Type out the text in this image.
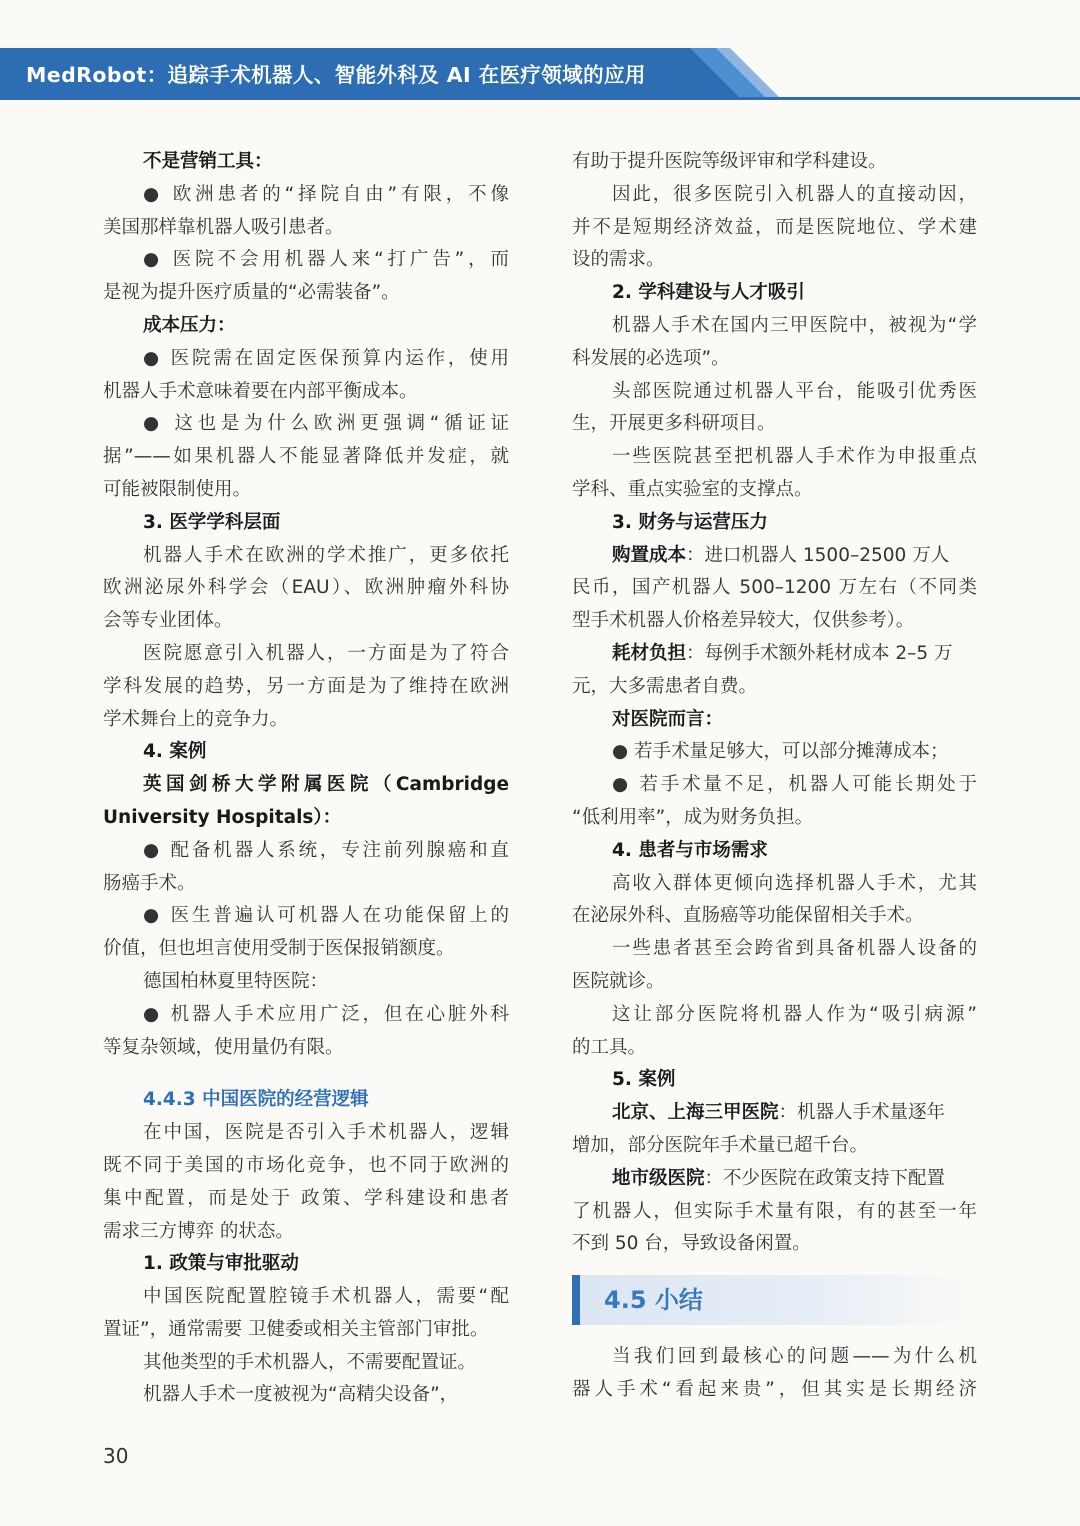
MedRobot：追踪手术机器人、智能外科及 AI 在医疗领域的应用
不是营销工具：
● 欧洲患者的“择院自由”有限，不像
美国那样靠机器人吸引患者。
● 医院不会用机器人来“打广告”，而
是视为提升医疗质量的“必需装备”。
成本压力：
● 医院需在固定医保预算内运作，使用
机器人手术意味着要在内部平衡成本。
● 这也是为什么欧洲更强调“循证证
据”——如果机器人不能显著降低并发症，就
可能被限制使用。
3. 医学学科层面
机器人手术在欧洲的学术推广，更多依托
欧洲泌尿外科学会（EAU）、欧洲肿瘤外科协
会等专业团体。
医院愿意引入机器人，一方面是为了符合
学科发展的趋势，另一方面是为了维持在欧洲
学术舞台上的竞争力。
4. 案例
英国剑桥大学附属医院（Cambridge
University Hospitals）：
● 配备机器人系统，专注前列腺癌和直
肠癌手术。
● 医生普遍认可机器人在功能保留上的
价值，但也坦言使用受制于医保报销额度。
德国柏林夏里特医院：
● 机器人手术应用广泛，但在心脏外科
等复杂领域，使用量仍有限。
4.4.3 中国医院的经营逻辑
在中国，医院是否引入手术机器人，逻辑
既不同于美国的市场化竞争，也不同于欧洲的
集中配置，而是处于 政策、学科建设和患者
需求三方博弈 的状态。
1. 政策与审批驱动
中国医院配置腔镜手术机器人，需要“配
置证”，通常需要 卫健委或相关主管部门审批。
其他类型的手术机器人，不需要配置证。
机器人手术一度被视为“高精尖设备”，
有助于提升医院等级评审和学科建设。
因此，很多医院引入机器人的直接动因，
并不是短期经济效益，而是医院地位、学术建
设的需求。
2. 学科建设与人才吸引
机器人手术在国内三甲医院中，被视为“学
科发展的必选项”。
头部医院通过机器人平台，能吸引优秀医
生，开展更多科研项目。
一些医院甚至把机器人手术作为申报重点
学科、重点实验室的支撑点。
3. 财务与运营压力
购置成本：进口机器人 1500–2500 万人
民币，国产机器人 500–1200 万左右（不同类
型手术机器人价格差异较大，仅供参考）。
耗材负担：每例手术额外耗材成本 2–5 万
元，大多需患者自费。
对医院而言：
● 若手术量足够大，可以部分摊薄成本；
● 若手术量不足，机器人可能长期处于
“低利用率”，成为财务负担。
4. 患者与市场需求
高收入群体更倾向选择机器人手术，尤其
在泌尿外科、直肠癌等功能保留相关手术。
一些患者甚至会跨省到具备机器人设备的
医院就诊。
这让部分医院将机器人作为“吸引病源”
的工具。
5. 案例
北京、上海三甲医院：机器人手术量逐年
增加，部分医院年手术量已超千台。
地市级医院：不少医院在政策支持下配置
了机器人，但实际手术量有限，有的甚至一年
不到 50 台，导致设备闲置。
4.5 小结
当我们回到最核心的问题——为什么机
器人手术“看起来贵”，但其实是长期经济
30
